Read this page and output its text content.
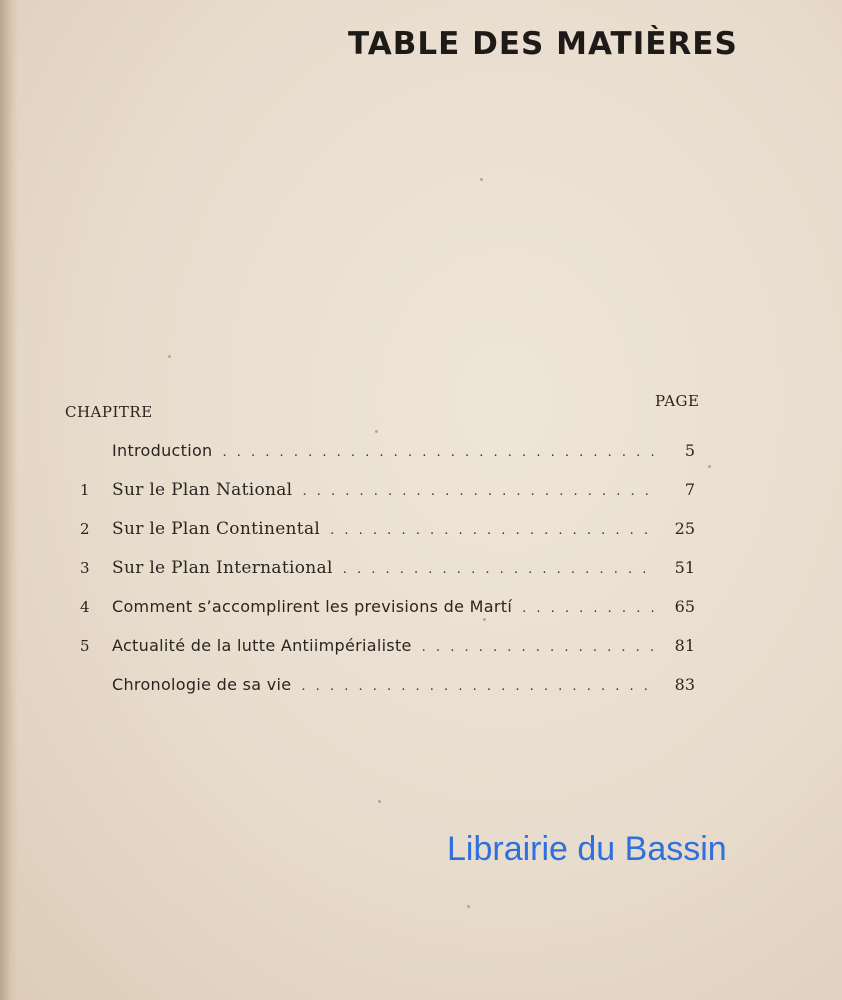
TABLE DES MATIÈRES
CHAPITRE
PAGE
Introduction . . .	5
1	Sur le Plan National . . .	7
2	Sur le Plan Continental . . .	25
3	Sur le Plan International . . .	51
4	Comment s’accomplirent les previsions de Martí . . .	65
5	Actualité de la lutte Antiimpérialiste . . .	81
Chronologie de sa vie . . .	83
Librairie du Bassin
